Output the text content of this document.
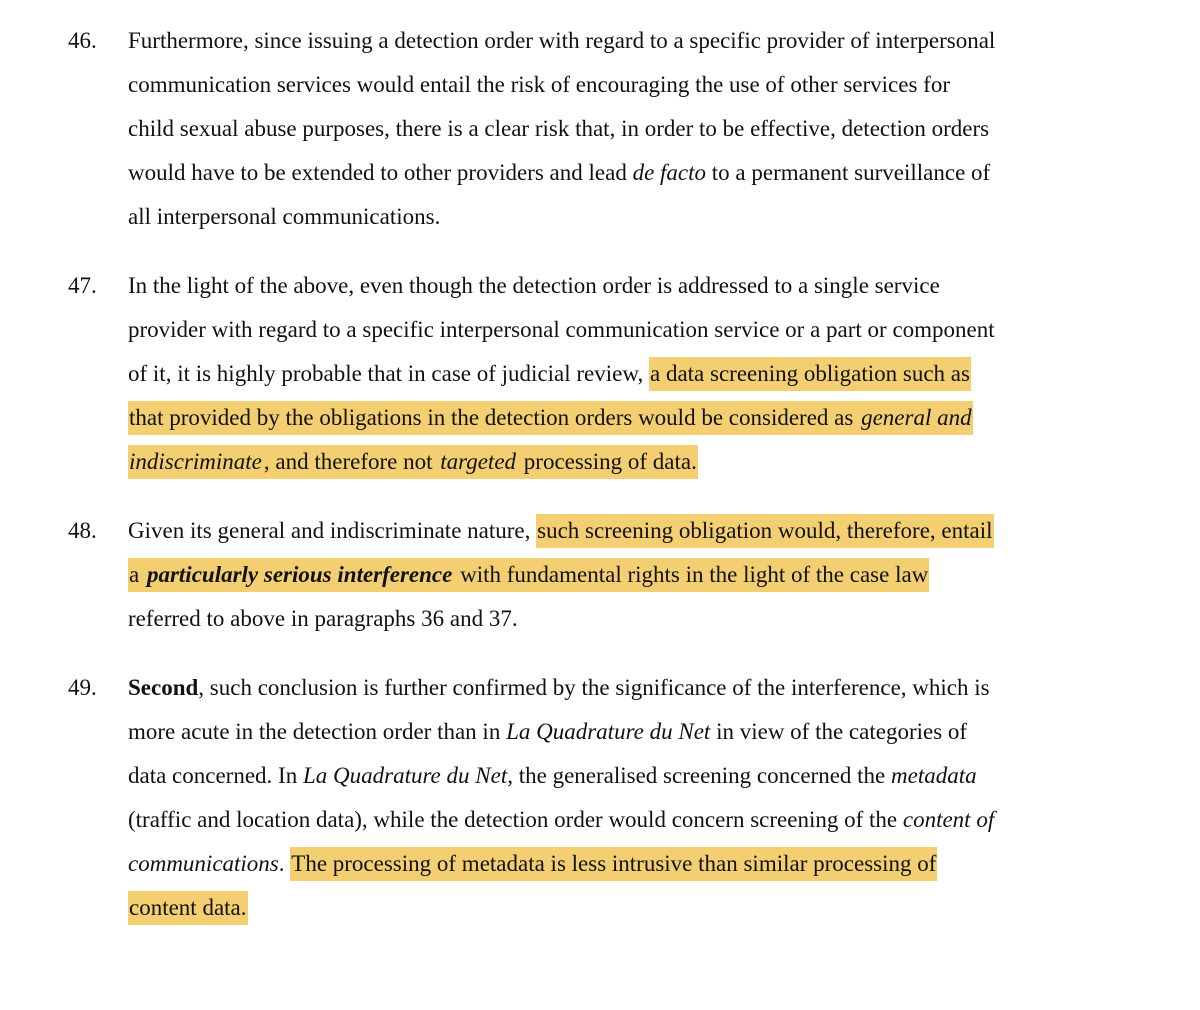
46. Furthermore, since issuing a detection order with regard to a specific provider of interpersonal
communication services would entail the risk of encouraging the use of other services for
child sexual abuse purposes, there is a clear risk that, in order to be effective, detection orders
would have to be extended to other providers and lead de facto to a permanent surveillance of
all interpersonal communications.
47. In the light of the above, even though the detection order is addressed to a single service
provider with regard to a specific interpersonal communication service or a part or component
of it, it is highly probable that in case of judicial review, a data screening obligation such as
that provided by the obligations in the detection orders would be considered as general and
indiscriminate, and therefore not targeted processing of data.
48. Given its general and indiscriminate nature, such screening obligation would, therefore, entail
a particularly serious interference with fundamental rights in the light of the case law
referred to above in paragraphs 36 and 37.
49. Second, such conclusion is further confirmed by the significance of the interference, which is
more acute in the detection order than in La Quadrature du Net in view of the categories of
data concerned. In La Quadrature du Net, the generalised screening concerned the metadata
(traffic and location data), while the detection order would concern screening of the content of
communications. The processing of metadata is less intrusive than similar processing of
content data.
